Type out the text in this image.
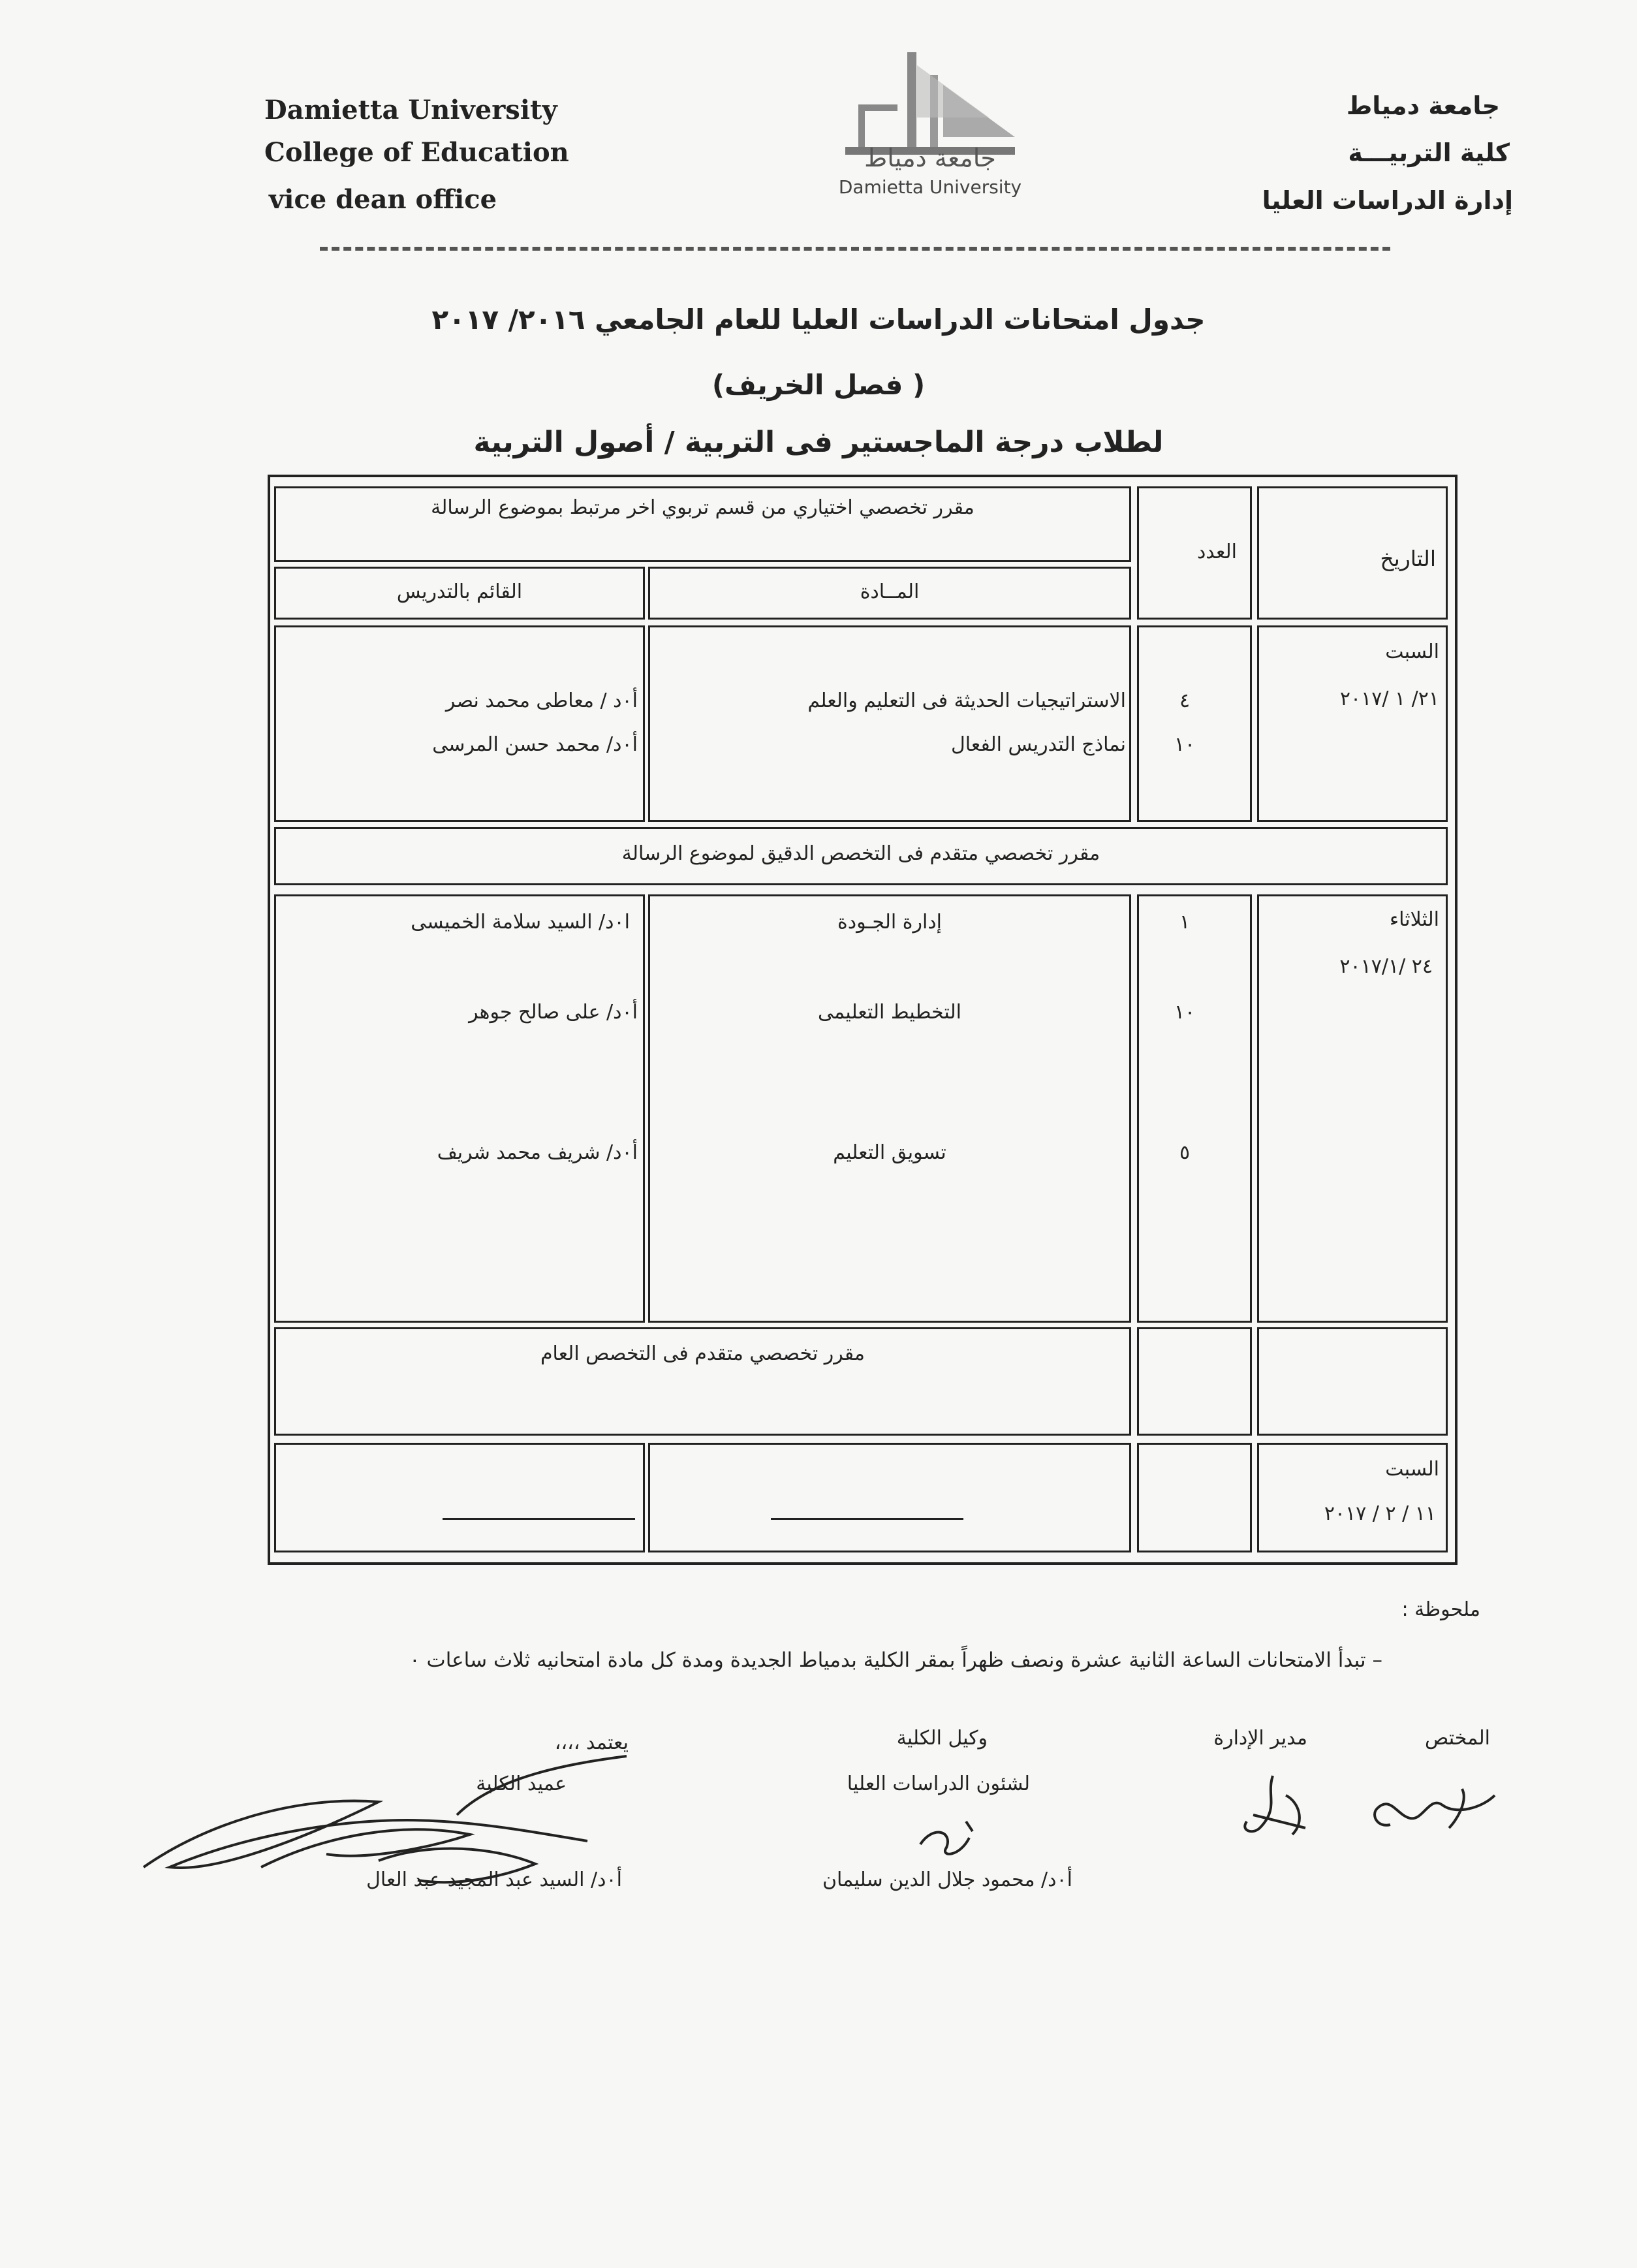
Damietta University
College of Education
vice dean office
جامعة دمياط
كلية التربيـــة
إدارة الدراسات العليا
جامعة دمياط
Damietta University
جدول امتحانات الدراسات العليا للعام الجامعي ٢٠١٦/ ٢٠١٧
( فصل الخريف)
لطلاب درجة الماجستير فى التربية / أصول التربية
مقرر تخصصي اختياري من قسم تربوي اخر مرتبط بموضوع الرسالة
القائم بالتدريس	المــادة
العدد	التاريخ
أ٠د / معاطى محمد نصر
أ٠د/ محمد حسن المرسى
الاستراتيجيات الحديثة فى التعليم والعلم
نماذج التدريس الفعال
٤
١٠
السبت
٢١/ ١ /٢٠١٧
مقرر تخصصي متقدم فى التخصص الدقيق لموضوع الرسالة
ا٠د/ السيد سلامة الخميسى
أ٠د/ على صالح جوهر
أ٠د/ شريف محمد شريف
إدارة الجـودة
التخطيط التعليمى
تسويق التعليم
١
١٠
٥
الثلاثاء
٢٤ /٢٠١٧/١
مقرر تخصصي متقدم فى التخصص العام
السبت
١١ / ٢ / ٢٠١٧
ملحوظة :
– تبدأ الامتحانات الساعة الثانية عشرة ونصف ظهراً بمقر الكلية بدمياط الجديدة ومدة كل مادة امتحانيه ثلاث ساعات ٠
المختص
مدير الإدارة
وكيل الكلية
لشئون الدراسات العليا
أ٠د/ محمود جلال الدين سليمان
يعتمد ،،،،
عميد الكلية
أ٠د/ السيد عبد المجيد عبد العال
